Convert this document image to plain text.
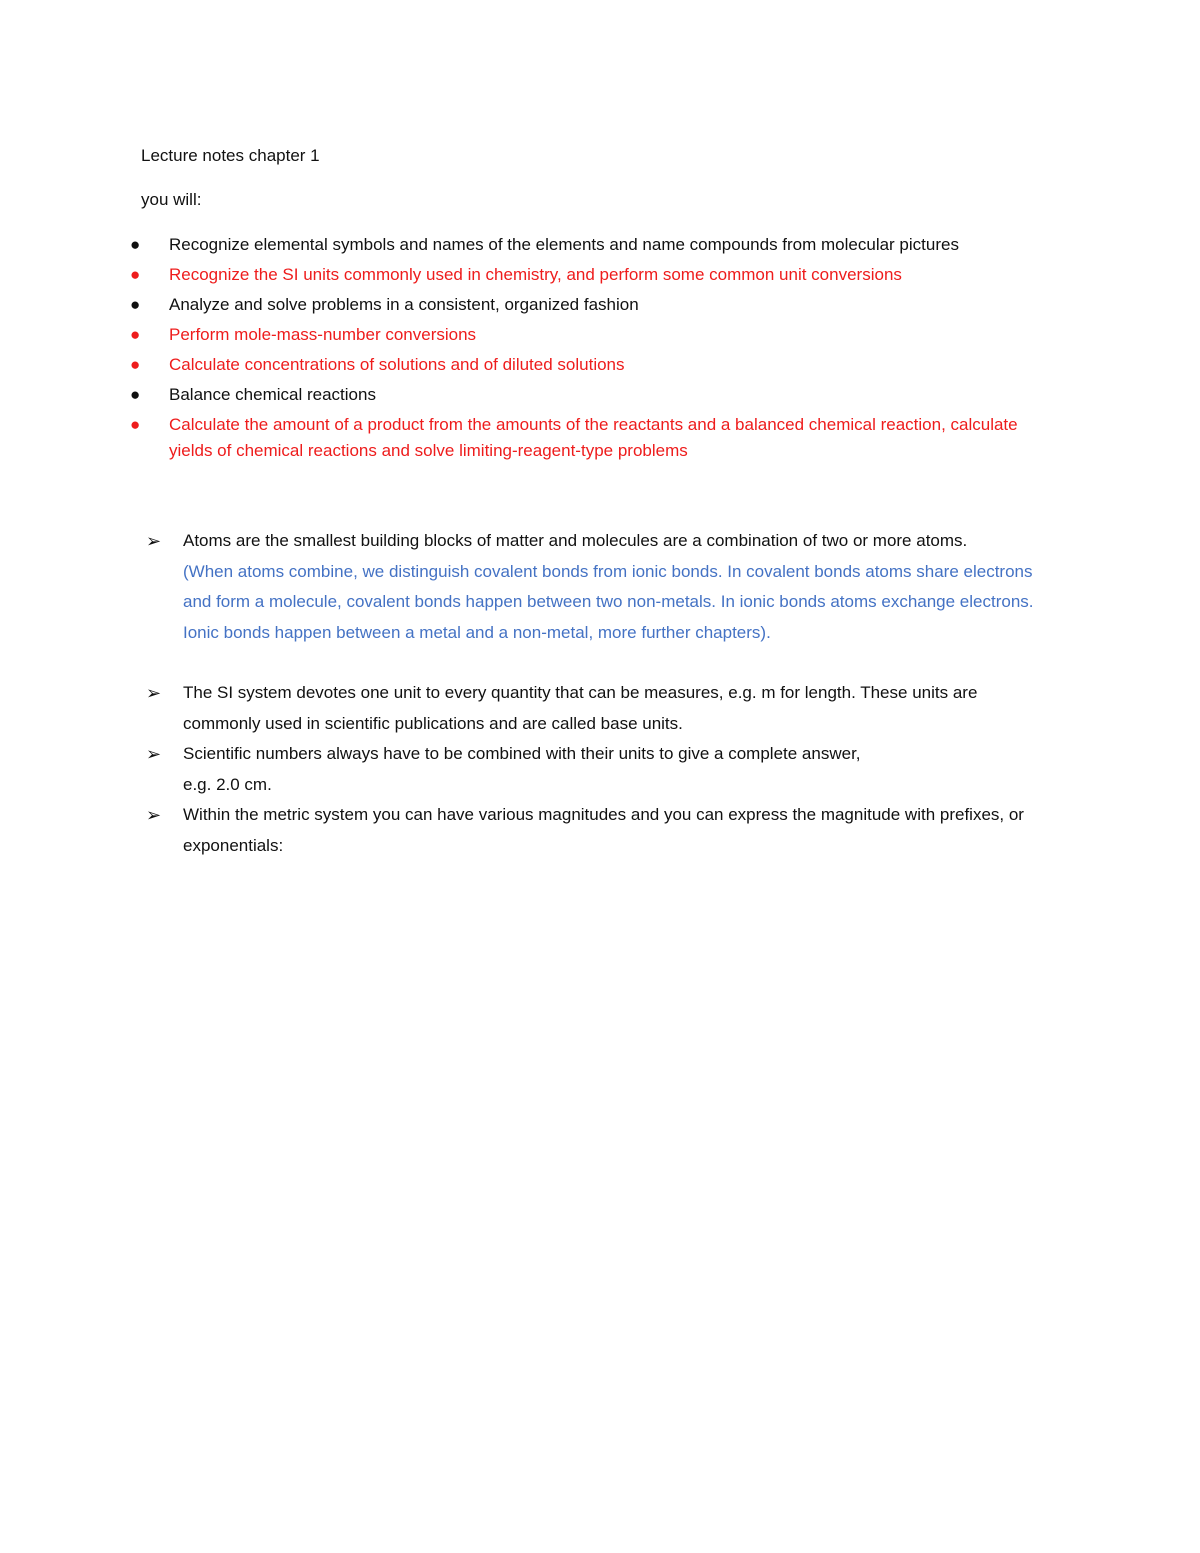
Lecture notes chapter 1

you will:

● Recognize elemental symbols and names of the elements and name compounds from molecular pictures
● Recognize the SI units commonly used in chemistry, and perform some common unit conversions
● Analyze and solve problems in a consistent, organized fashion
● Perform mole-mass-number conversions
● Calculate concentrations of solutions and of diluted solutions
● Balance chemical reactions
● Calculate the amount of a product from the amounts of the reactants and a balanced chemical reaction, calculate yields of chemical reactions and solve limiting-reagent-type problems
➢ Atoms are the smallest building blocks of matter and molecules are a combination of two or more atoms.
(When atoms combine, we distinguish covalent bonds from ionic bonds. In covalent bonds atoms share electrons and form a molecule, covalent bonds happen between two non-metals. In ionic bonds atoms exchange electrons. Ionic bonds happen between a metal and a non-metal, more further chapters).
➢ The SI system devotes one unit to every quantity that can be measures, e.g. m for length. These units are commonly used in scientific publications and are called base units.
➢ Scientific numbers always have to be combined with their units to give a complete answer,
e.g. 2.0 cm.
➢ Within the metric system you can have various magnitudes and you can express the magnitude with prefixes, or exponentials:
